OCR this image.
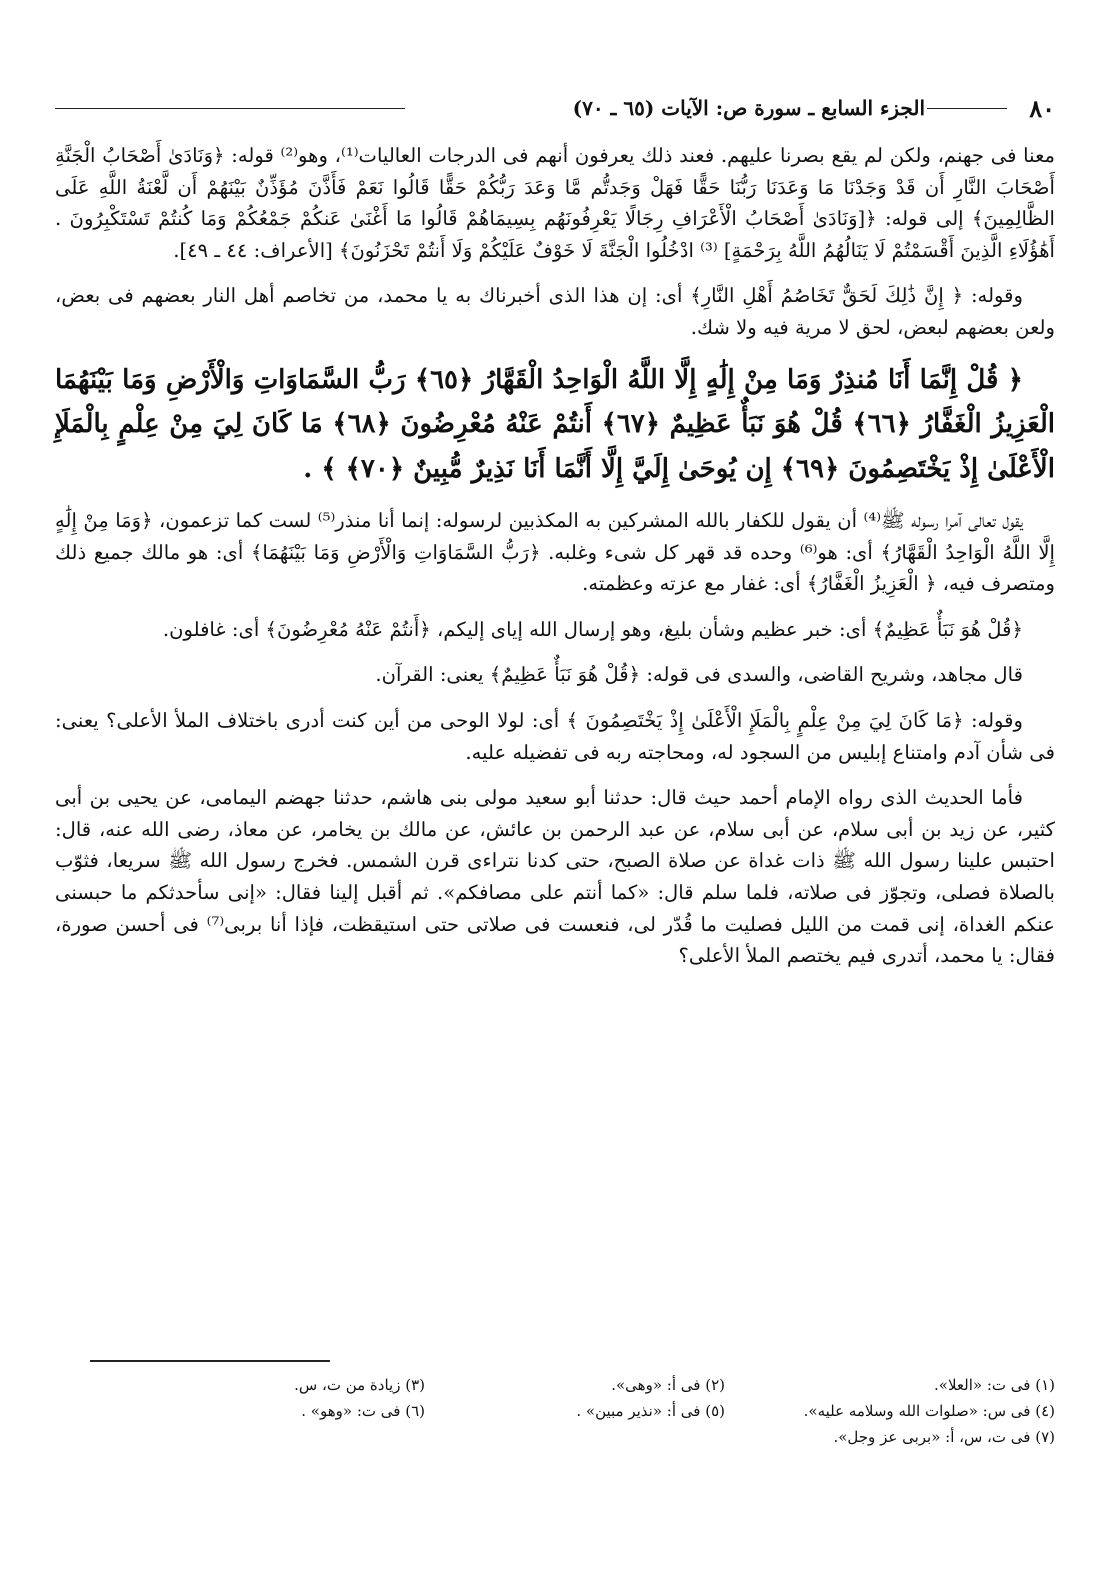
٨٠
الجزء السابع ـ سورة ص: الآيات (٦٥ ـ ٧٠)

معنا فى جهنم، ولكن لم يقع بصرنا عليهم. فعند ذلك يعرفون أنهم فى الدرجات العاليات⁽¹⁾، وهو⁽²⁾ قوله: ﴿وَنَادَىٰ أَصْحَابُ الْجَنَّةِ أَصْحَابَ النَّارِ أَن قَدْ وَجَدْنَا مَا وَعَدَنَا رَبُّنَا حَقًّا فَهَلْ وَجَدتُّم مَّا وَعَدَ رَبُّكُمْ حَقًّا قَالُوا نَعَمْ فَأَذَّنَ مُؤَذِّنٌ بَيْنَهُمْ أَن لَّعْنَةُ اللَّهِ عَلَى الظَّالِمِينَ﴾ إلى قوله: ﴿[وَنَادَىٰ أَصْحَابُ الْأَعْرَافِ رِجَالًا يَعْرِفُونَهُم بِسِيمَاهُمْ قَالُوا مَا أَغْنَىٰ عَنكُمْ جَمْعُكُمْ وَمَا كُنتُمْ تَسْتَكْبِرُونَ . أَهَٰؤُلَاءِ الَّذِينَ أَقْسَمْتُمْ لَا يَنَالُهُمُ اللَّهُ بِرَحْمَةٍ] ⁽³⁾ ادْخُلُوا الْجَنَّةَ لَا خَوْفٌ عَلَيْكُمْ وَلَا أَنتُمْ تَحْزَنُونَ﴾ [الأعراف: ٤٤ ـ ٤٩].

وقوله: ﴿ إِنَّ ذَٰلِكَ لَحَقٌّ تَخَاصُمُ أَهْلِ النَّارِ﴾ أى: إن هذا الذى أخبرناك به يا محمد، من تخاصم أهل النار بعضهم فى بعض، ولعن بعضهم لبعض، لحق لا مرية فيه ولا شك.

﴿ قُلْ إِنَّمَا أَنَا مُنذِرٌ وَمَا مِنْ إِلَٰهٍ إِلَّا اللَّهُ الْوَاحِدُ الْقَهَّارُ ﴿٦٥﴾ رَبُّ السَّمَاوَاتِ وَالْأَرْضِ وَمَا بَيْنَهُمَا الْعَزِيزُ الْغَفَّارُ ﴿٦٦﴾ قُلْ هُوَ نَبَأٌ عَظِيمٌ ﴿٦٧﴾ أَنتُمْ عَنْهُ مُعْرِضُونَ ﴿٦٨﴾ مَا كَانَ لِيَ مِنْ عِلْمٍ بِالْمَلَإِ الْأَعْلَىٰ إِذْ يَخْتَصِمُونَ ﴿٦٩﴾ إِن يُوحَىٰ إِلَيَّ إِلَّا أَنَّمَا أَنَا نَذِيرٌ مُّبِينٌ ﴿٧٠﴾ ﴾ .

يقول تعالى آمرا رسوله ﷺ⁽⁴⁾ أن يقول للكفار بالله المشركين به المكذبين لرسوله: إنما أنا منذر⁽⁵⁾ لست كما تزعمون، ﴿وَمَا مِنْ إِلَٰهٍ إِلَّا اللَّهُ الْوَاحِدُ الْقَهَّارُ﴾ أى: هو⁽⁶⁾ وحده قد قهر كل شىء وغلبه. ﴿رَبُّ السَّمَاوَاتِ وَالْأَرْضِ وَمَا بَيْنَهُمَا﴾ أى: هو مالك جميع ذلك ومتصرف فيه، ﴿ الْعَزِيزُ الْغَفَّارُ﴾ أى: غفار مع عزته وعظمته.

﴿قُلْ هُوَ نَبَأٌ عَظِيمٌ﴾ أى: خبر عظيم وشأن بليغ، وهو إرسال الله إياى إليكم، ﴿أَنتُمْ عَنْهُ مُعْرِضُونَ﴾ أى: غافلون.

قال مجاهد، وشريح القاضى، والسدى فى قوله: ﴿قُلْ هُوَ نَبَأٌ عَظِيمٌ﴾ يعنى: القرآن.

وقوله: ﴿مَا كَانَ لِيَ مِنْ عِلْمٍ بِالْمَلَإِ الْأَعْلَىٰ إِذْ يَخْتَصِمُونَ ﴾ أى: لولا الوحى من أين كنت أدرى باختلاف الملأ الأعلى؟ يعنى: فى شأن آدم وامتناع إبليس من السجود له، ومحاجته ربه فى تفضيله عليه.

فأما الحديث الذى رواه الإمام أحمد حيث قال: حدثنا أبو سعيد مولى بنى هاشم، حدثنا جهضم اليمامى، عن يحيى بن أبى كثير، عن زيد بن أبى سلام، عن أبى سلام، عن عبد الرحمن بن عائش، عن مالك بن يخامر، عن معاذ، رضى الله عنه، قال: احتبس علينا رسول الله ﷺ ذات غداة عن صلاة الصبح، حتى كدنا نتراءى قرن الشمس. فخرج رسول الله ﷺ سريعا، فثوّب بالصلاة فصلى، وتجوّز فى صلاته، فلما سلم قال: «كما أنتم على مصافكم». ثم أقبل إلينا فقال: «إنى سأحدثكم ما حبسنى عنكم الغداة، إنى قمت من الليل فصليت ما قُدّر لى، فنعست فى صلاتى حتى استيقظت، فإذا أنا بربى⁽⁷⁾ فى أحسن صورة، فقال: يا محمد، أتدرى فيم يختصم الملأ الأعلى؟

(١) فى ت: «العلا».
(٢) فى أ: «وهى».
(٣) زيادة من ت، س.
(٤) فى س: «صلوات الله وسلامه عليه».
(٥) فى أ: «نذير مبين» .
(٦) فى ت: «وهو» .
(٧) فى ت، س، أ: «بربى عز وجل».
